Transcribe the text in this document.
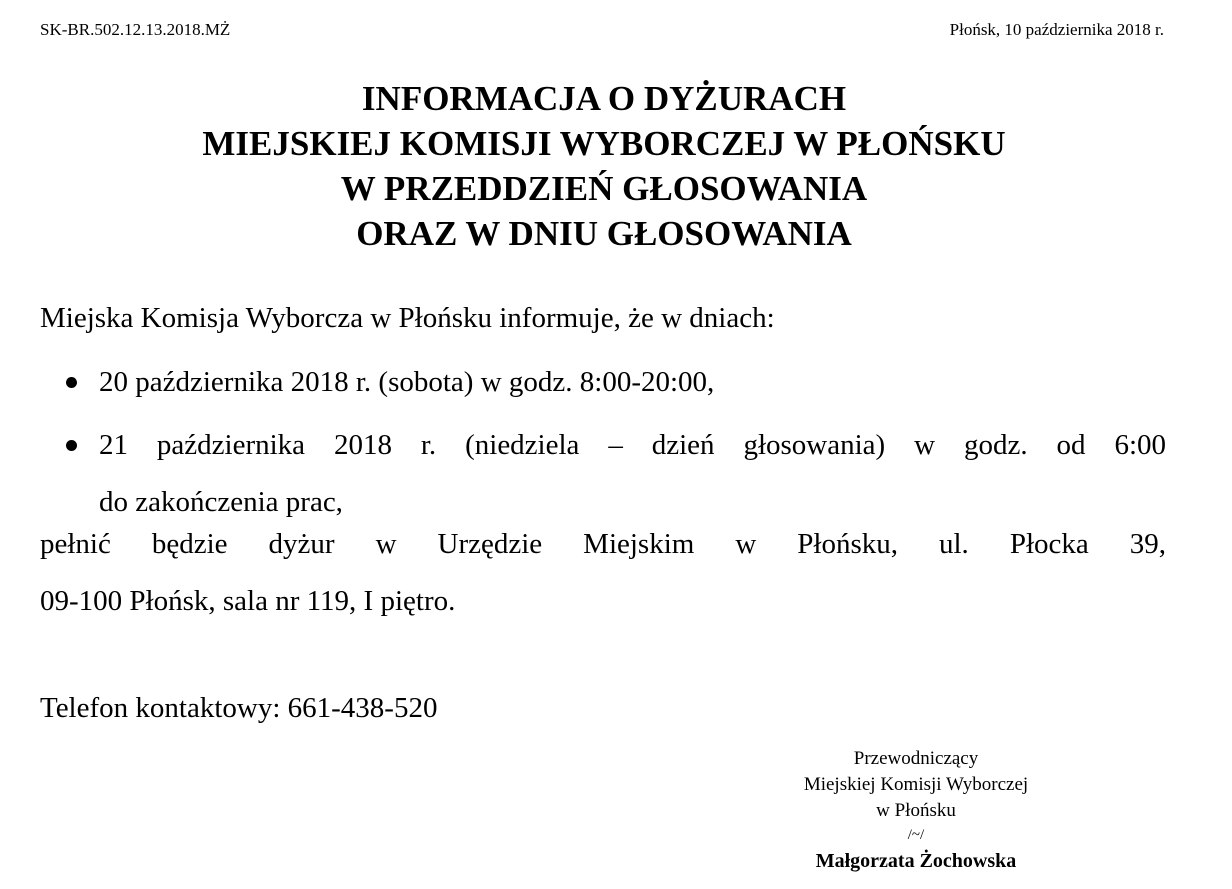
SK-BR.502.12.13.2018.MŻ	Płońsk, 10 października 2018 r.
INFORMACJA O DYŻURACH
MIEJSKIEJ KOMISJI WYBORCZEJ W PŁOŃSKU
W PRZEDDZIEŃ GŁOSOWANIA
ORAZ W DNIU GŁOSOWANIA
Miejska Komisja Wyborcza w Płońsku informuje, że w dniach:
20 października 2018 r. (sobota) w godz. 8:00-20:00,
21 października 2018 r. (niedziela – dzień głosowania) w godz. od 6:00
do zakończenia prac,
pełnić będzie dyżur w Urzędzie Miejskim w Płońsku, ul. Płocka 39,
09-100 Płońsk, sala nr 119, I piętro.
Telefon kontaktowy: 661-438-520
Przewodniczący
Miejskiej Komisji Wyborczej
w Płońsku
/~/
Małgorzata Żochowska
